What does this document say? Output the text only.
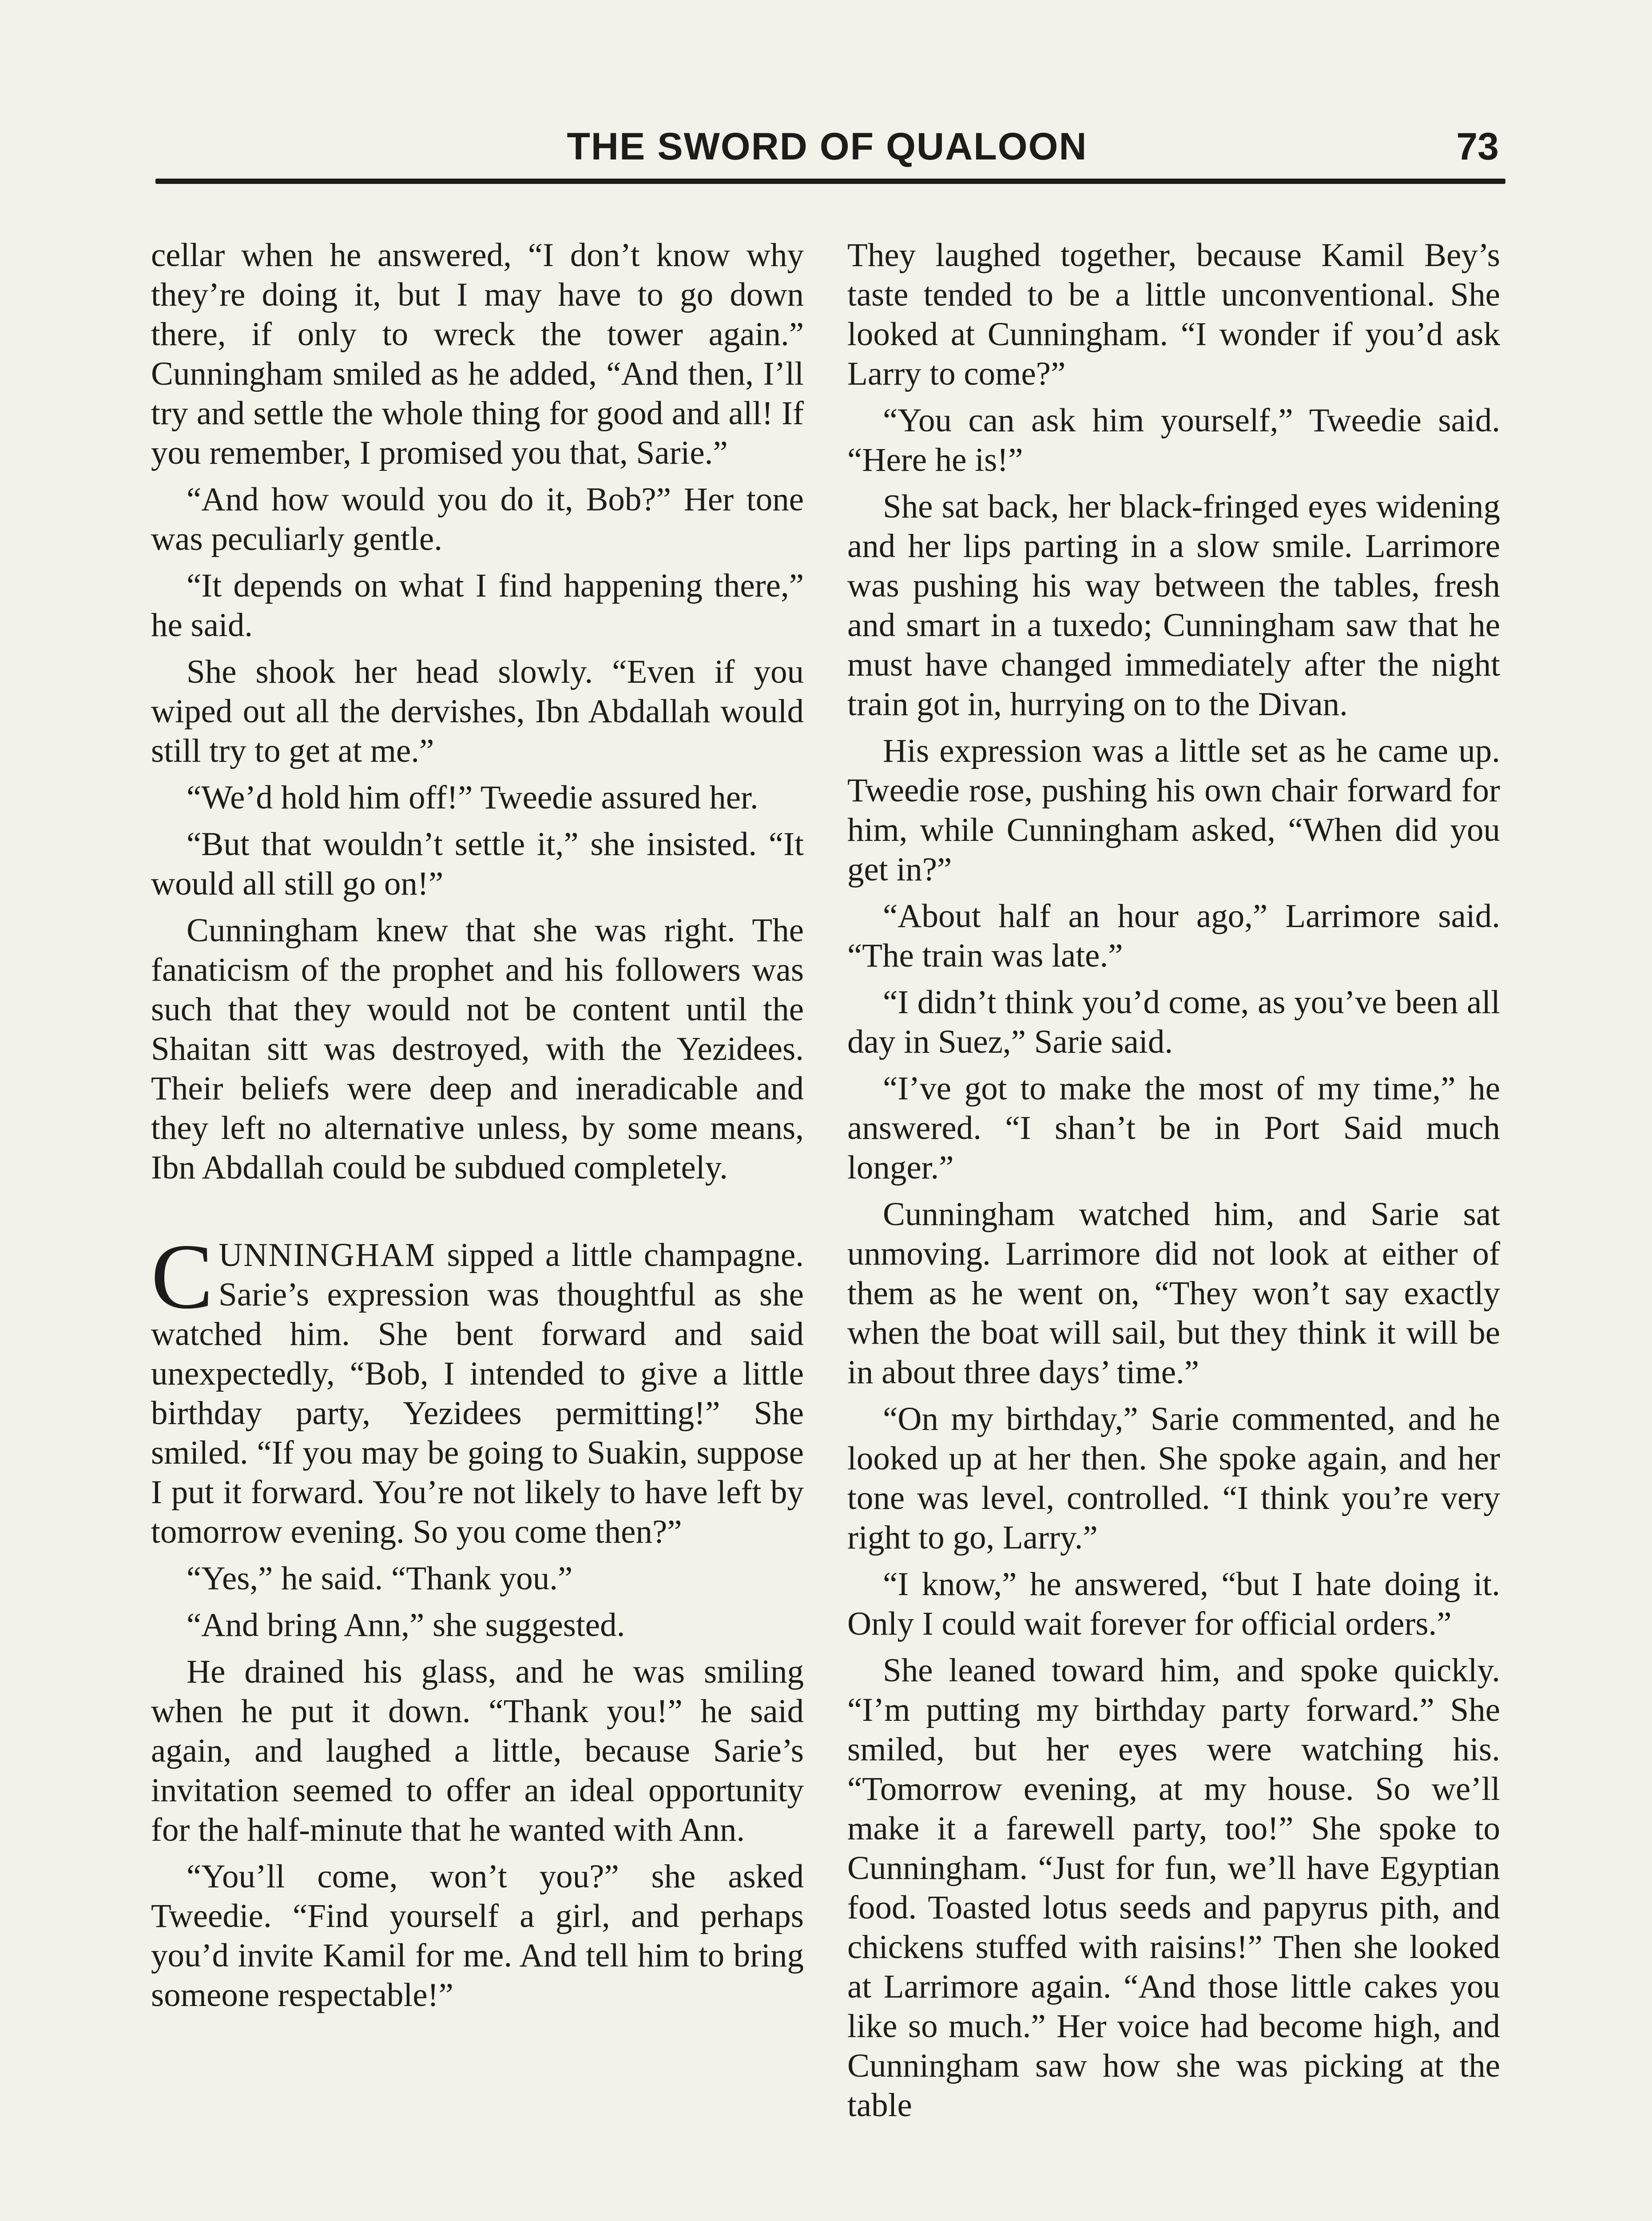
THE SWORD OF QUALOON	73

cellar when he answered, “I don’t know why they’re doing it, but I may have to go down there, if only to wreck the tower again.” Cunningham smiled as he added, “And then, I’ll try and settle the whole thing for good and all! If you remember, I promised you that, Sarie.”

“And how would you do it, Bob?” Her tone was peculiarly gentle.

“It depends on what I find happening there,” he said.

She shook her head slowly. “Even if you wiped out all the dervishes, Ibn Abdallah would still try to get at me.”

“We’d hold him off!” Tweedie assured her.

“But that wouldn’t settle it,” she insisted. “It would all still go on!”

Cunningham knew that she was right. The fanaticism of the prophet and his followers was such that they would not be content until the Shaitan sitt was destroyed, with the Yezidees. Their beliefs were deep and ineradicable and they left no alternative unless, by some means, Ibn Abdallah could be subdued completely.

CUNNINGHAM sipped a little champagne. Sarie’s expression was thoughtful as she watched him. She bent forward and said unexpectedly, “Bob, I intended to give a little birthday party, Yezidees permitting!” She smiled. “If you may be going to Suakin, suppose I put it forward. You’re not likely to have left by tomorrow evening. So you come then?”

“Yes,” he said. “Thank you.”

“And bring Ann,” she suggested.

He drained his glass, and he was smiling when he put it down. “Thank you!” he said again, and laughed a little, because Sarie’s invitation seemed to offer an ideal opportunity for the half-minute that he wanted with Ann.

“You’ll come, won’t you?” she asked Tweedie. “Find yourself a girl, and perhaps you’d invite Kamil for me. And tell him to bring someone respectable!”

They laughed together, because Kamil Bey’s taste tended to be a little unconventional. She looked at Cunningham. “I wonder if you’d ask Larry to come?”

“You can ask him yourself,” Tweedie said. “Here he is!”

She sat back, her black-fringed eyes widening and her lips parting in a slow smile. Larrimore was pushing his way between the tables, fresh and smart in a tuxedo; Cunningham saw that he must have changed immediately after the night train got in, hurrying on to the Divan.

His expression was a little set as he came up. Tweedie rose, pushing his own chair forward for him, while Cunningham asked, “When did you get in?”

“About half an hour ago,” Larrimore said. “The train was late.”

“I didn’t think you’d come, as you’ve been all day in Suez,” Sarie said.

“I’ve got to make the most of my time,” he answered. “I shan’t be in Port Said much longer.”

Cunningham watched him, and Sarie sat unmoving. Larrimore did not look at either of them as he went on, “They won’t say exactly when the boat will sail, but they think it will be in about three days’ time.”

“On my birthday,” Sarie commented, and he looked up at her then. She spoke again, and her tone was level, controlled. “I think you’re very right to go, Larry.”

“I know,” he answered, “but I hate doing it. Only I could wait forever for official orders.”

She leaned toward him, and spoke quickly. “I’m putting my birthday party forward.” She smiled, but her eyes were watching his. “Tomorrow evening, at my house. So we’ll make it a farewell party, too!” She spoke to Cunningham. “Just for fun, we’ll have Egyptian food. Toasted lotus seeds and papyrus pith, and chickens stuffed with raisins!” Then she looked at Larrimore again. “And those little cakes you like so much.” Her voice had become high, and Cunningham saw how she was picking at the table
